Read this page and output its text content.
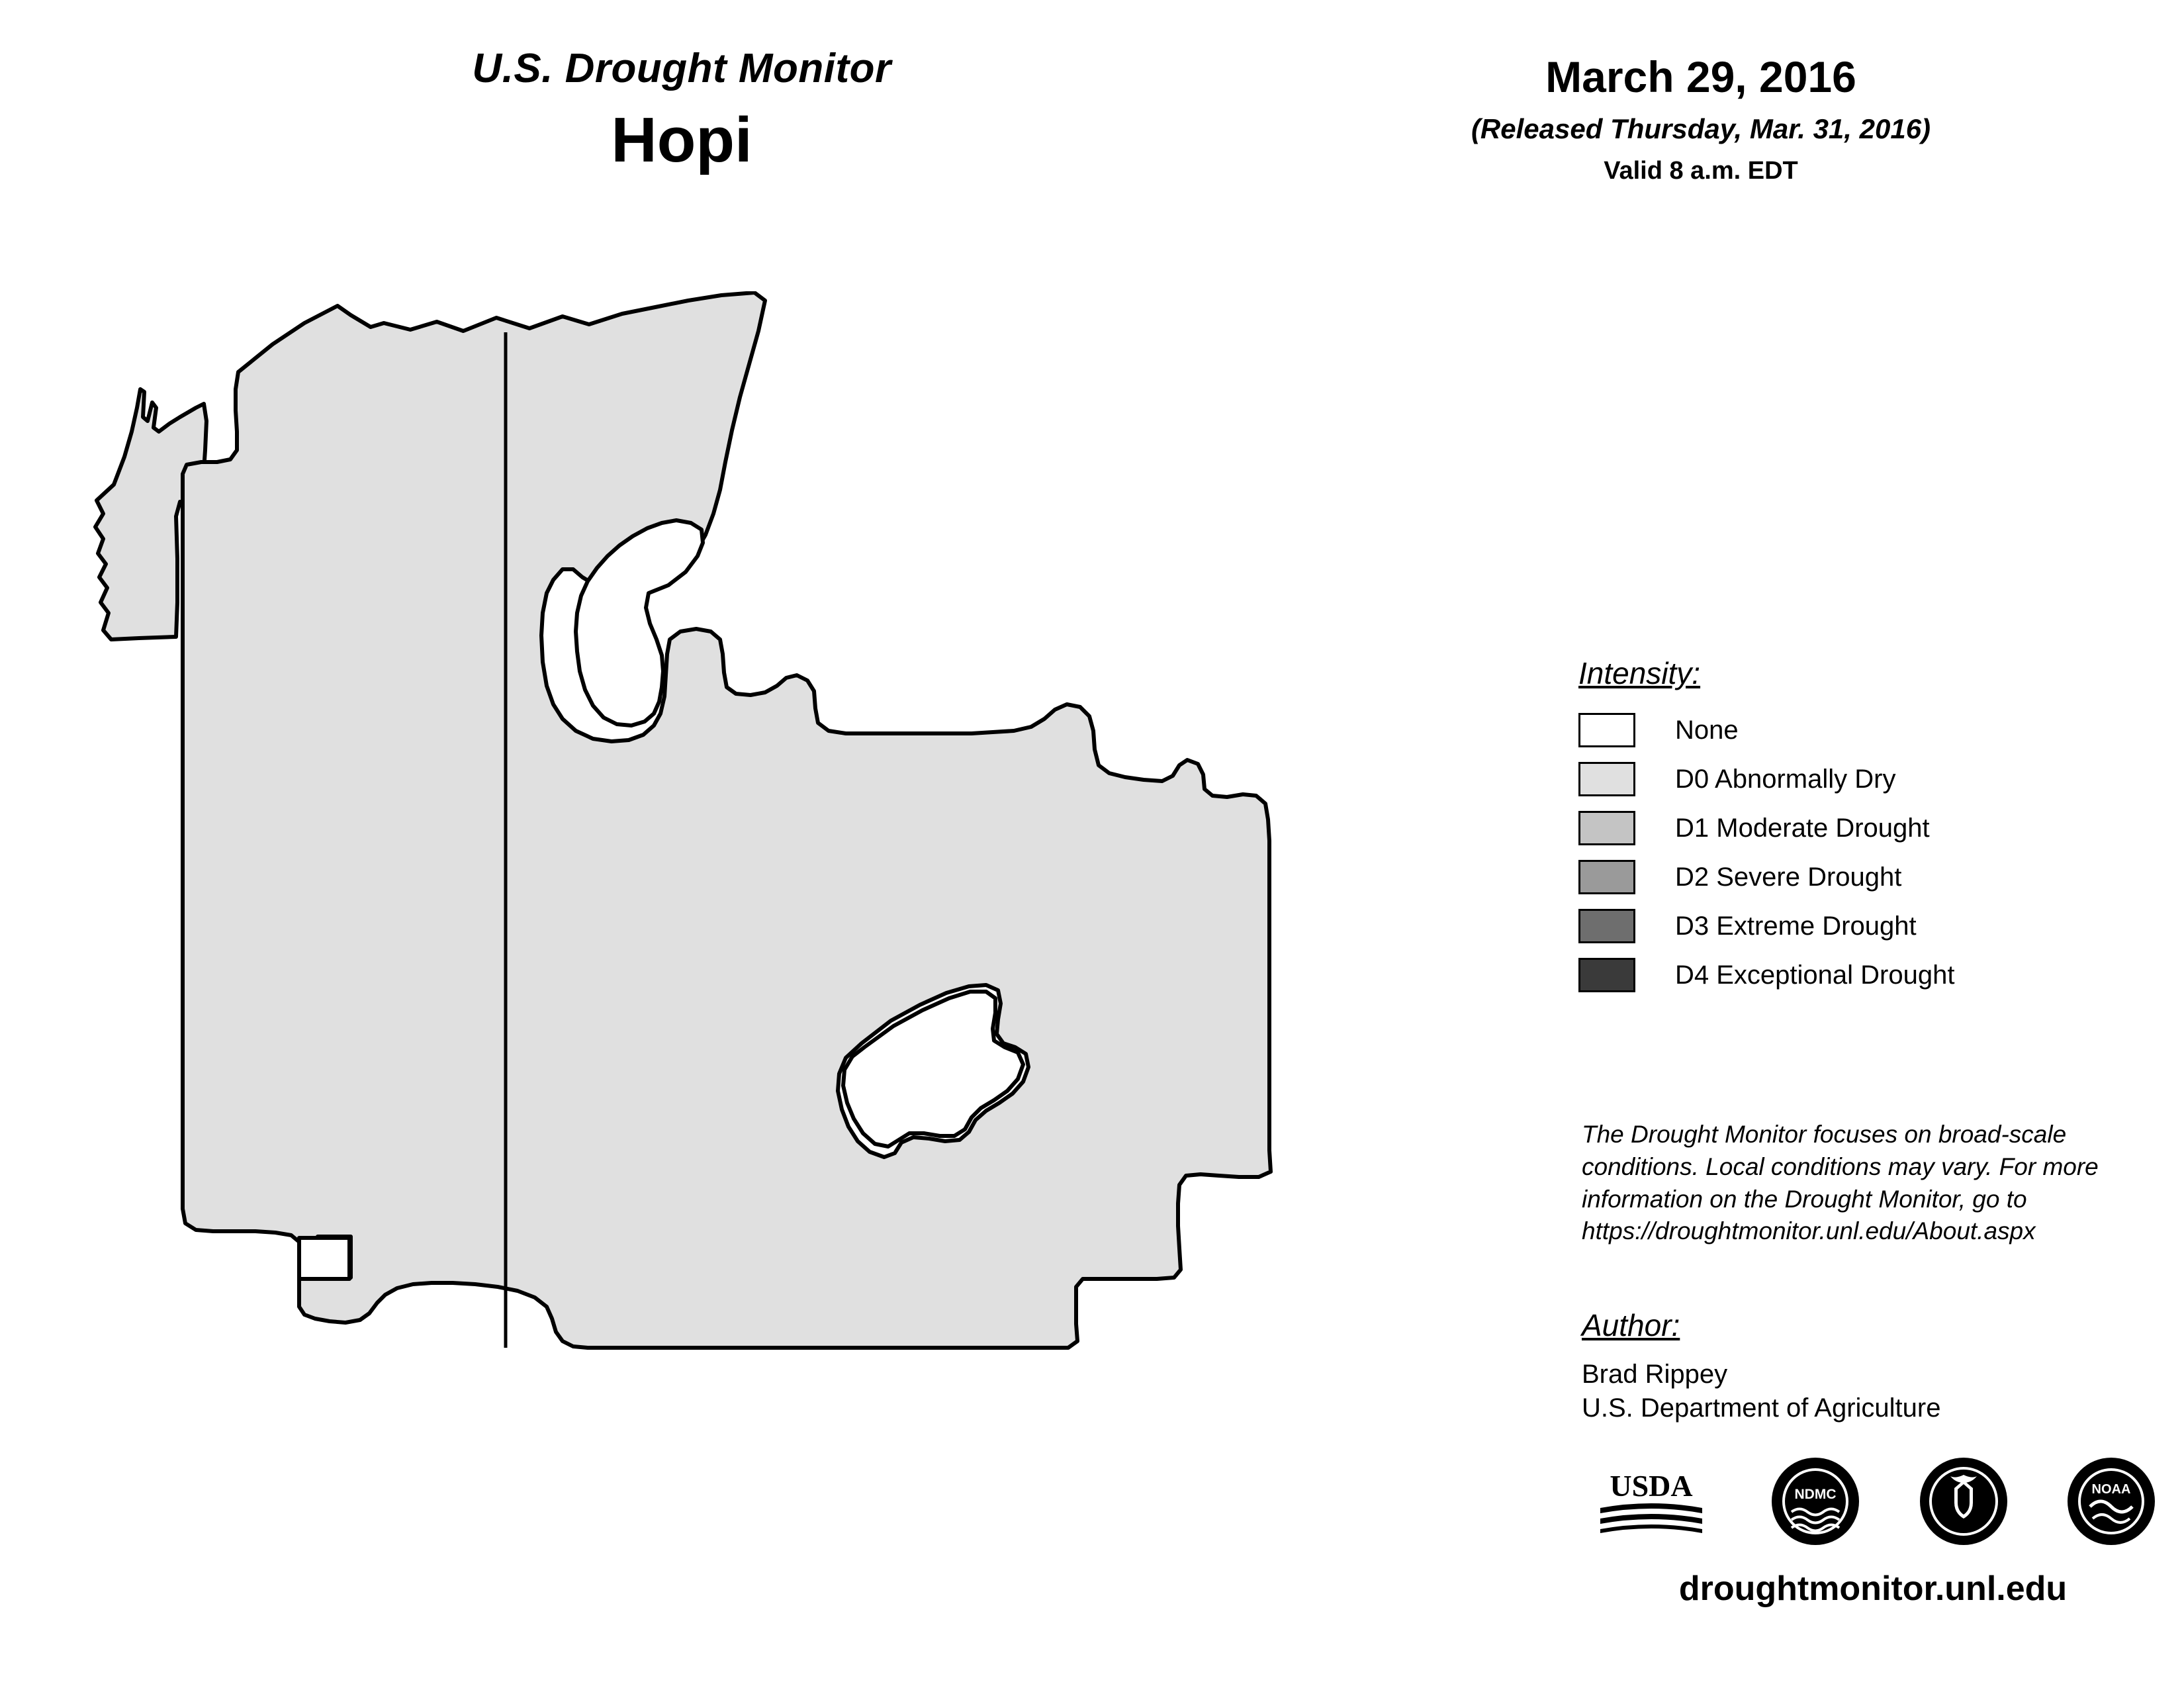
U.S. Drought Monitor
Hopi
March 29, 2016
(Released Thursday, Mar. 31, 2016)
Valid 8 a.m. EDT
Intensity:
None
D0 Abnormally Dry
D1 Moderate Drought
D2 Severe Drought
D3 Extreme Drought
D4 Exceptional Drought
The Drought Monitor focuses on broad-scale conditions. Local conditions may vary. For more information on the Drought Monitor, go to https://droughtmonitor.unl.edu/About.aspx
Author:
Brad Rippey
U.S. Department of Agriculture
USDA	NDMC	NOAA
droughtmonitor.unl.edu
